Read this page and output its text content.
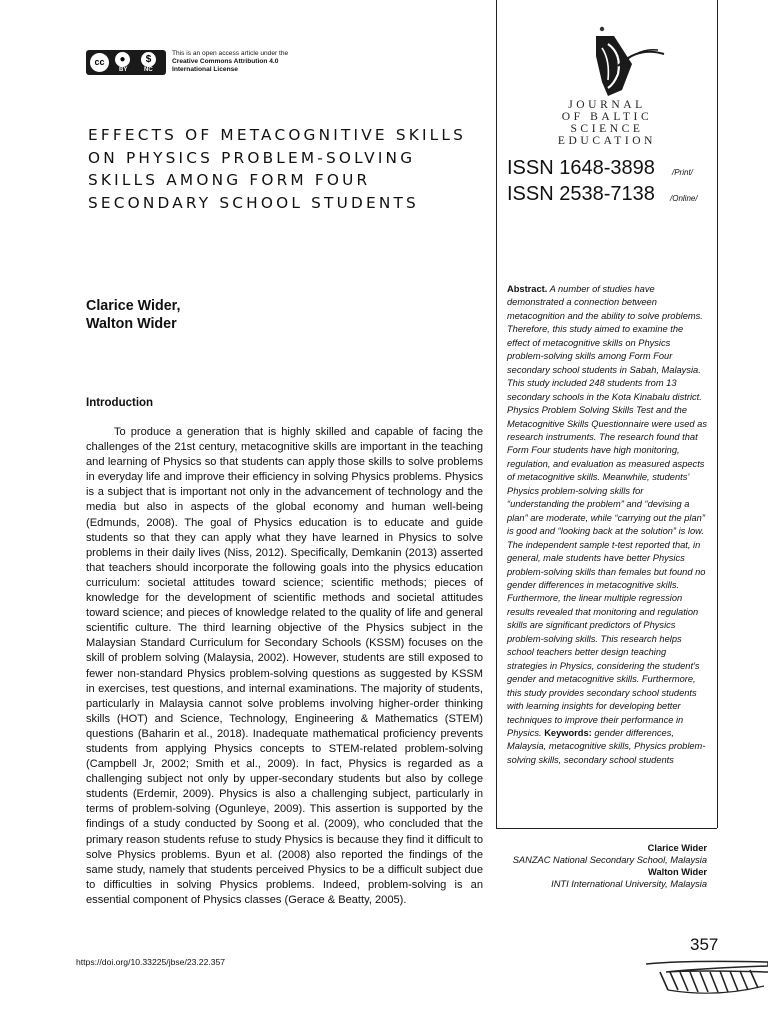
cc	●	$
BY	NC
This is an open access article under the
Creative Commons Attribution 4.0
International License
JOURNAL
OF BALTIC
SCIENCE
EDUCATION
ISSN 1648-3898 /Print/
ISSN 2538-7138 /Online/
EFFECTS OF METACOGNITIVE SKILLS ON PHYSICS PROBLEM-SOLVING SKILLS AMONG FORM FOUR SECONDARY SCHOOL STUDENTS
Clarice Wider,
Walton Wider
Introduction

To produce a generation that is highly skilled and capable of facing the challenges of the 21st century, metacognitive skills are important in the teaching and learning of Physics so that students can apply those skills to solve problems in everyday life and improve their efficiency in solving Physics problems. Physics is a subject that is important not only in the advancement of technology and the media but also in aspects of the global economy and human well-being (Edmunds, 2008). The goal of Physics education is to educate and guide students so that they can apply what they have learned in Physics to solve problems in their daily lives (Niss, 2012). Specifically, Demkanin (2013) asserted that teachers should incorporate the following goals into the physics education curriculum: societal attitudes toward science; scientific methods; pieces of knowledge for the development of scientific methods and societal attitudes toward science; and pieces of knowledge related to the quality of life and general scientific culture. The third learning objective of the Physics subject in the Malaysian Standard Curriculum for Secondary Schools (KSSM) focuses on the skill of problem solving (Malaysia, 2002). However, students are still exposed to fewer non-standard Physics problem-solving questions as suggested by KSSM in exercises, test questions, and internal examinations. The majority of students, particularly in Malaysia cannot solve problems involving higher-order thinking skills (HOT) and Science, Technology, Engineering & Mathematics (STEM) questions (Baharin et al., 2018). Inadequate mathematical proficiency prevents students from applying Physics concepts to STEM-related problem-solving (Campbell Jr, 2002; Smith et al., 2009). In fact, Physics is regarded as a challenging subject not only by upper-secondary students but also by college students (Erdemir, 2009). Physics is also a challenging subject, particularly in terms of problem-solving (Ogunleye, 2009). This assertion is supported by the findings of a study conducted by Soong et al. (2009), who concluded that the primary reason students refuse to study Physics is because they find it difficult to solve Physics problems. Byun et al. (2008) also reported the findings of the same study, namely that students perceived Physics to be a difficult subject due to difficulties in solving Physics problems. Indeed, problem-solving is an essential component of Physics classes (Gerace & Beatty, 2005).

Abstract. A number of studies have demonstrated a connection between metacognition and the ability to solve problems. Therefore, this study aimed to examine the effect of metacognitive skills on Physics problem-solving skills among Form Four secondary school students in Sabah, Malaysia. This study included 248 students from 13 secondary schools in the Kota Kinabalu district. Physics Problem Solving Skills Test and the Metacognitive Skills Questionnaire were used as research instruments. The research found that Form Four students have high monitoring, regulation, and evaluation as measured aspects of metacognitive skills. Meanwhile, students’ Physics problem-solving skills for “understanding the problem” and “devising a plan” are moderate, while “carrying out the plan” is good and “looking back at the solution” is low. The independent sample t-test reported that, in general, male students have better Physics problem-solving skills than females but found no gender differences in metacognitive skills. Furthermore, the linear multiple regression results revealed that monitoring and regulation skills are significant predictors of Physics problem-solving skills. This research helps school teachers better design teaching strategies in Physics, considering the student’s gender and metacognitive skills. Furthermore, this study provides secondary school students with learning insights for developing better techniques to improve their performance in Physics. Keywords: gender differences, Malaysia, metacognitive skills, Physics problem-solving skills, secondary school students
Clarice Wider
SANZAC National Secondary School, Malaysia
Walton Wider
INTI International University, Malaysia
https://doi.org/10.33225/jbse/23.22.357
357
